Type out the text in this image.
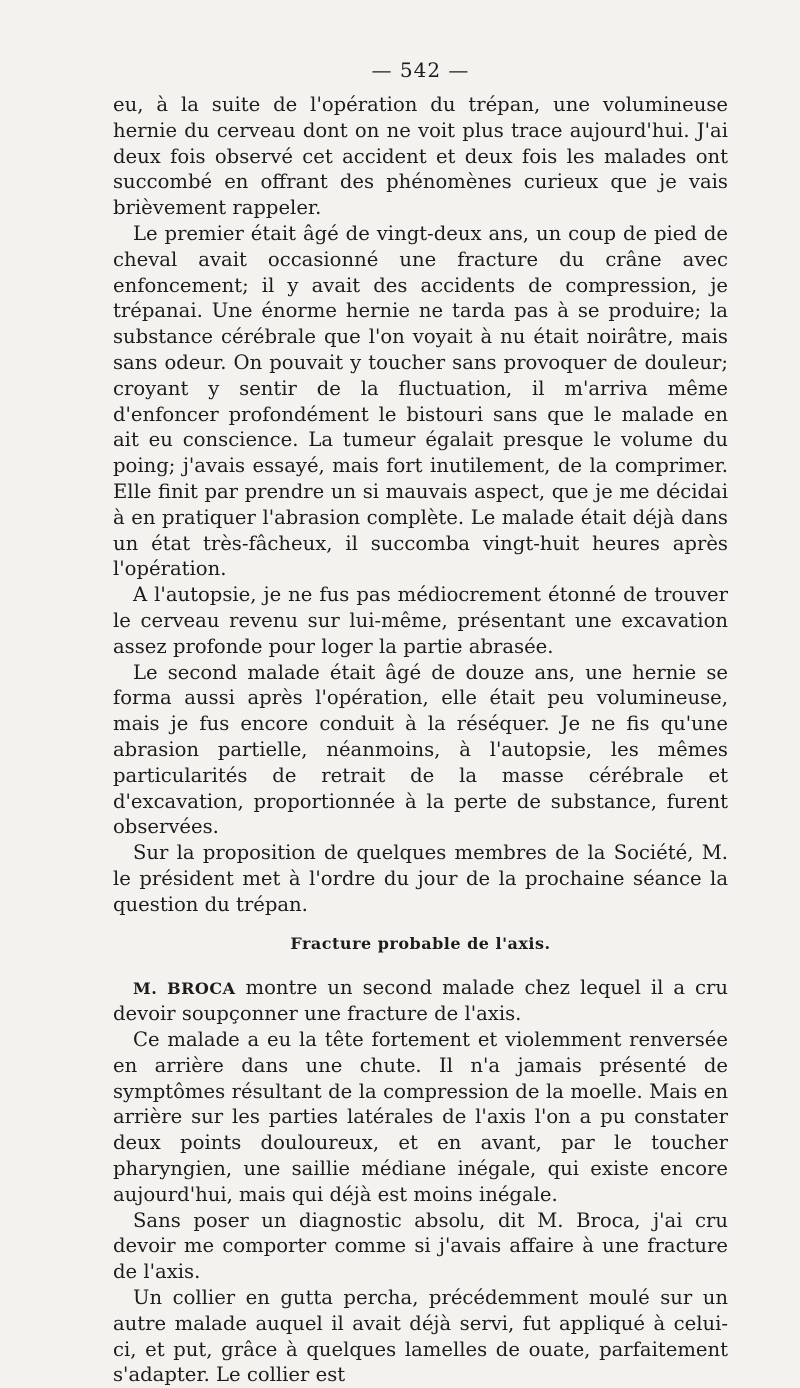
— 542 —

eu, à la suite de l'opération du trépan, une volumineuse hernie du cerveau dont on ne voit plus trace aujourd'hui. J'ai deux fois observé cet accident et deux fois les malades ont succombé en offrant des phénomènes curieux que je vais brièvement rappeler.

Le premier était âgé de vingt-deux ans, un coup de pied de cheval avait occasionné une fracture du crâne avec enfoncement; il y avait des accidents de compression, je trépanai. Une énorme hernie ne tarda pas à se produire; la substance cérébrale que l'on voyait à nu était noirâtre, mais sans odeur. On pouvait y toucher sans provoquer de douleur; croyant y sentir de la fluctuation, il m'arriva même d'enfoncer profondément le bistouri sans que le malade en ait eu conscience. La tumeur égalait presque le volume du poing; j'avais essayé, mais fort inutilement, de la comprimer. Elle finit par prendre un si mauvais aspect, que je me décidai à en pratiquer l'abrasion complète. Le malade était déjà dans un état très-fâcheux, il succomba vingt-huit heures après l'opération.

A l'autopsie, je ne fus pas médiocrement étonné de trouver le cerveau revenu sur lui-même, présentant une excavation assez profonde pour loger la partie abrasée.

Le second malade était âgé de douze ans, une hernie se forma aussi après l'opération, elle était peu volumineuse, mais je fus encore conduit à la réséquer. Je ne fis qu'une abrasion partielle, néanmoins, à l'autopsie, les mêmes particularités de retrait de la masse cérébrale et d'excavation, proportionnée à la perte de substance, furent observées.

Sur la proposition de quelques membres de la Société, M. le président met à l'ordre du jour de la prochaine séance la question du trépan.

Fracture probable de l'axis.

M. BROCA montre un second malade chez lequel il a cru devoir soupçonner une fracture de l'axis.

Ce malade a eu la tête fortement et violemment renversée en arrière dans une chute. Il n'a jamais présenté de symptômes résultant de la compression de la moelle. Mais en arrière sur les parties latérales de l'axis l'on a pu constater deux points douloureux, et en avant, par le toucher pharyngien, une saillie médiane inégale, qui existe encore aujourd'hui, mais qui déjà est moins inégale.

Sans poser un diagnostic absolu, dit M. Broca, j'ai cru devoir me comporter comme si j'avais affaire à une fracture de l'axis.

Un collier en gutta percha, précédemment moulé sur un autre malade auquel il avait déjà servi, fut appliqué à celui-ci, et put, grâce à quelques lamelles de ouate, parfaitement s'adapter. Le collier est
